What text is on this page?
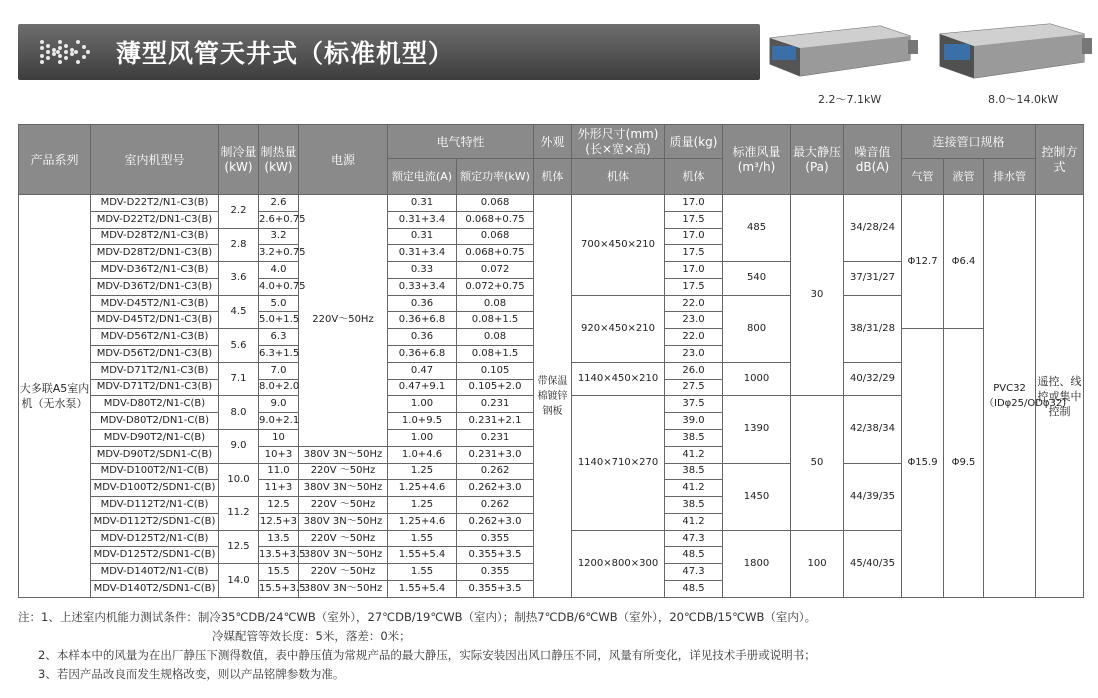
薄型风管天井式（标准机型）
2.2～7.1kW	8.0～14.0kW
产品系列	室内机型号	制冷量(kW)	制热量(kW)	电源	电气特性		外观	外形尺寸(mm)(长×宽×高)	质量(kg)	标准风量(m³/h)	最大静压(Pa)	噪音值dB(A)	连接管口规格			控制方式
					额定电流(A)	额定功率(kW)	机体	机体	机体				气管	液管	排水管	
大多联A5室内机（无水泵）	MDV-D22T2/N1-C3(B)	2.2	2.6	220V～50Hz	0.31	0.068	带保温棉镀锌钢板	700×450×210	17.0	485	30	34/28/24	Φ12.7	Φ6.4	PVC32（IDφ25/ODφ32)	遥控、线控或集中控制
	MDV-D22T2/DN1-C3(B)		2.6+0.75		0.31+3.4	0.068+0.75			17.5							
	MDV-D28T2/N1-C3(B)	2.8	3.2		0.31	0.068			17.0							
	MDV-D28T2/DN1-C3(B)		3.2+0.75		0.31+3.4	0.068+0.75			17.5							
	MDV-D36T2/N1-C3(B)	3.6	4.0		0.33	0.072			17.0	540		37/31/27				
	MDV-D36T2/DN1-C3(B)		4.0+0.75		0.33+3.4	0.072+0.75			17.5							
	MDV-D45T2/N1-C3(B)	4.5	5.0		0.36	0.08		920×450×210	22.0	800		38/31/28				
	MDV-D45T2/DN1-C3(B)		5.0+1.5		0.36+6.8	0.08+1.5			23.0							
	MDV-D56T2/N1-C3(B)	5.6	6.3		0.36	0.08			22.0				Φ15.9	Φ9.5		
	MDV-D56T2/DN1-C3(B)		6.3+1.5		0.36+6.8	0.08+1.5			23.0							
	MDV-D71T2/N1-C3(B)	7.1	7.0		0.47	0.105		1140×450×210	26.0	1000		40/32/29				
	MDV-D71T2/DN1-C3(B)		8.0+2.0		0.47+9.1	0.105+2.0			27.5							
	MDV-D80T2/N1-C(B)	8.0	9.0		1.00	0.231		1140×710×270	37.5	1390	50	42/38/34				
	MDV-D80T2/DN1-C(B)		9.0+2.1		1.0+9.5	0.231+2.1			39.0							
	MDV-D90T2/N1-C(B)	9.0	10		1.00	0.231			38.5							
	MDV-D90T2/SDN1-C(B)		10+3	380V 3N～50Hz	1.0+4.6	0.231+3.0			41.2							
	MDV-D100T2/N1-C(B)	10.0	11.0	220V ～50Hz	1.25	0.262			38.5	1450		44/39/35				
	MDV-D100T2/SDN1-C(B)		11+3	380V 3N～50Hz	1.25+4.6	0.262+3.0			41.2							
	MDV-D112T2/N1-C(B)	11.2	12.5	220V ～50Hz	1.25	0.262			38.5							
	MDV-D112T2/SDN1-C(B)		12.5+3	380V 3N～50Hz	1.25+4.6	0.262+3.0			41.2							
	MDV-D125T2/N1-C(B)	12.5	13.5	220V ～50Hz	1.55	0.355		1200×800×300	47.3	1800	100	45/40/35				
	MDV-D125T2/SDN1-C(B)		13.5+3.5	380V 3N～50Hz	1.55+5.4	0.355+3.5			48.5							
	MDV-D140T2/N1-C(B)	14.0	15.5	220V ～50Hz	1.55	0.355			47.3							
	MDV-D140T2/SDN1-C(B)		15.5+3.5	380V 3N～50Hz	1.55+5.4	0.355+3.5			48.5							
注：1、上述室内机能力测试条件：制冷35℃DB/24℃WB（室外），27℃DB/19℃WB（室内）；制热7℃DB/6℃WB（室外），20℃DB/15℃WB（室内）。
冷媒配管等效长度：5米，落差：0米；
2、本样本中的风量为在出厂静压下测得数值，表中静压值为常规产品的最大静压，实际安装因出风口静压不同，风量有所变化，详见技术手册或说明书；
3、若因产品改良而发生规格改变，则以产品铭牌参数为准。
